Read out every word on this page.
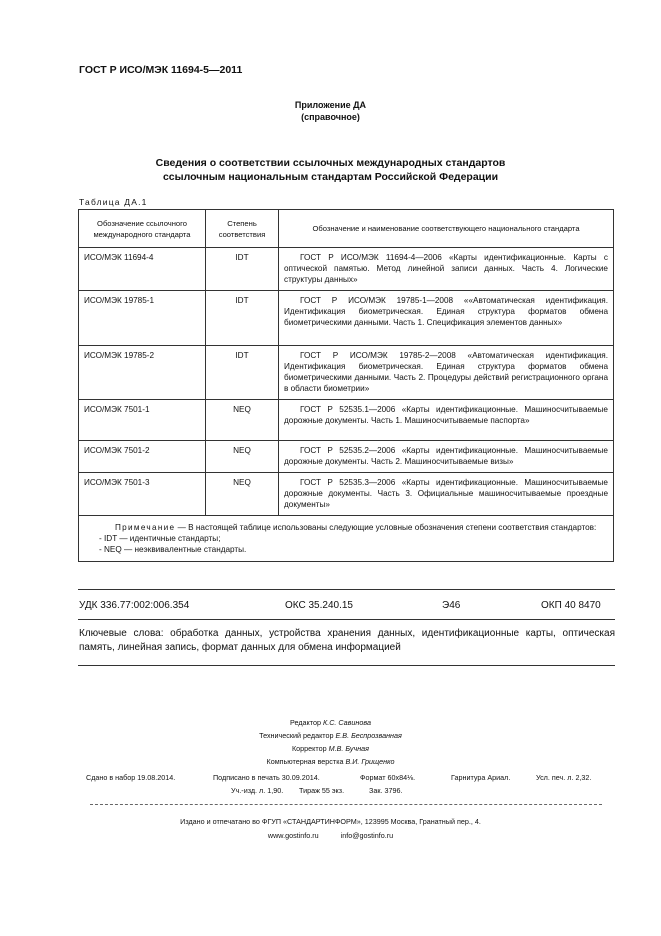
ГОСТ Р ИСО/МЭК 11694-5—2011
Приложение ДА
(справочное)
Сведения о соответствии ссылочных международных стандартов
ссылочным национальным стандартам Российской Федерации
Таблица ДА.1
Обозначение ссылочного международного стандарта	Степень соответствия	Обозначение и наименование соответствующего национального стандарта
ИСО/МЭК 11694-4	IDT	ГОСТ Р ИСО/МЭК 11694-4—2006 «Карты идентификационные. Карты с оптической памятью. Метод линейной записи данных. Часть 4. Логические структуры данных»
ИСО/МЭК 19785-1	IDT	ГОСТ Р ИСО/МЭК 19785-1—2008 ««Автоматическая идентификация. Идентификация биометрическая. Единая структура форматов обмена биометрическими данными. Часть 1. Спецификация элементов данных»
ИСО/МЭК 19785-2	IDT	ГОСТ Р ИСО/МЭК 19785-2—2008 «Автоматическая идентификация. Идентификация биометрическая. Единая структура форматов обмена биометрическими данными. Часть 2. Процедуры действий регистрационного органа в области биометрии»
ИСО/МЭК 7501-1	NEQ	ГОСТ Р 52535.1—2006 «Карты идентификационные. Машиносчитываемые дорожные документы. Часть 1. Машиносчитываемые паспорта»
ИСО/МЭК 7501-2	NEQ	ГОСТ Р 52535.2—2006 «Карты идентификационные. Машиносчитываемые дорожные документы. Часть 2. Машиносчитываемые визы»
ИСО/МЭК 7501-3	NEQ	ГОСТ Р 52535.3—2006 «Карты идентификационные. Машиносчитываемые дорожные документы. Часть 3. Официальные машиносчитываемые проездные документы»
Примечание — В настоящей таблице использованы следующие условные обозначения степени соответствия стандартов:
- IDT — идентичные стандарты;
- NEQ — неэквивалентные стандарты.		
УДК 336.77:002:006.354	ОКС 35.240.15	Э46	ОКП 40 8470
Ключевые слова: обработка данных, устройства хранения данных, идентификационные карты, оптическая память, линейная запись, формат данных для обмена информацией
Редактор К.С. Савинова
Технический редактор Е.В. Беспрозванная
Корректор М.В. Бучная
Компьютерная верстка В.И. Грищенко
Сдано в набор 19.08.2014.	Подписано в печать 30.09.2014.	Формат 60x84⅛.	Гарнитура Ариал.	Усл. печ. л. 2,32.
Уч.-изд. л. 1,90. Тираж 55 экз.	Зак. 3796.
Издано и отпечатано во ФГУП «СТАНДАРТИНФОРМ», 123995 Москва, Гранатный пер., 4.
www.gostinfo.ru	info@gostinfo.ru
